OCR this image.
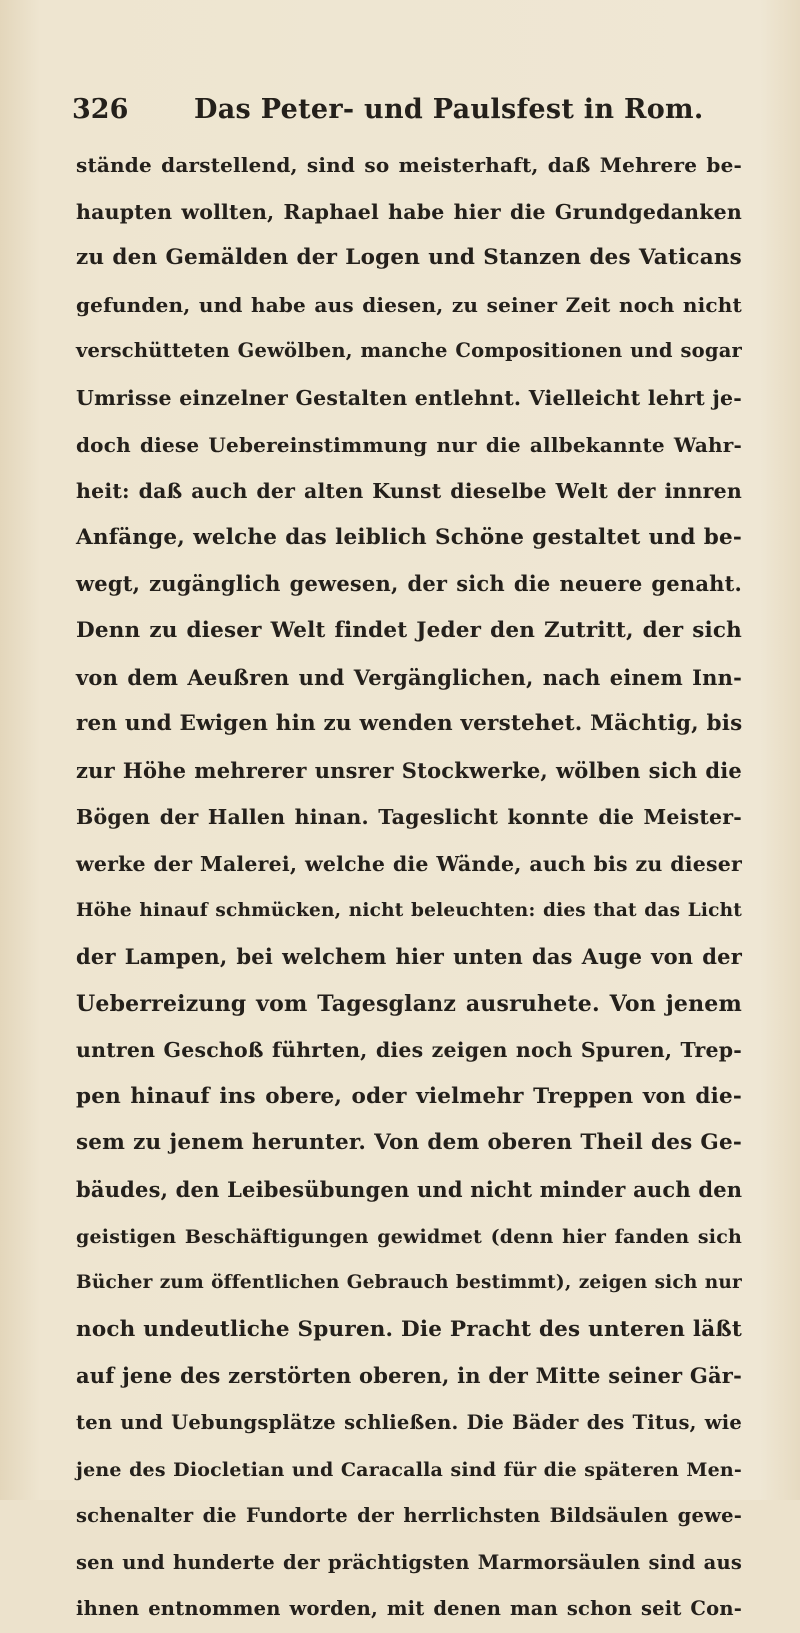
326 Das Peter- und Paulsfest in Rom.
stände darstellend, sind so meisterhaft, daß Mehrere be-
haupten wollten, Raphael habe hier die Grundgedanken
zu den Gemälden der Logen und Stanzen des Vaticans
gefunden, und habe aus diesen, zu seiner Zeit noch nicht
verschütteten Gewölben, manche Compositionen und sogar
Umrisse einzelner Gestalten entlehnt. Vielleicht lehrt je-
doch diese Uebereinstimmung nur die allbekannte Wahr-
heit: daß auch der alten Kunst dieselbe Welt der innren
Anfänge, welche das leiblich Schöne gestaltet und be-
wegt, zugänglich gewesen, der sich die neuere genaht.
Denn zu dieser Welt findet Jeder den Zutritt, der sich
von dem Aeußren und Vergänglichen, nach einem Inn-
ren und Ewigen hin zu wenden verstehet. Mächtig, bis
zur Höhe mehrerer unsrer Stockwerke, wölben sich die
Bögen der Hallen hinan. Tageslicht konnte die Meister-
werke der Malerei, welche die Wände, auch bis zu dieser
Höhe hinauf schmücken, nicht beleuchten: dies that das Licht
der Lampen, bei welchem hier unten das Auge von der
Ueberreizung vom Tagesglanz ausruhete. Von jenem
untren Geschoß führten, dies zeigen noch Spuren, Trep-
pen hinauf ins obere, oder vielmehr Treppen von die-
sem zu jenem herunter. Von dem oberen Theil des Ge-
bäudes, den Leibesübungen und nicht minder auch den
geistigen Beschäftigungen gewidmet (denn hier fanden sich
Bücher zum öffentlichen Gebrauch bestimmt), zeigen sich nur
noch undeutliche Spuren. Die Pracht des unteren läßt
auf jene des zerstörten oberen, in der Mitte seiner Gär-
ten und Uebungsplätze schließen. Die Bäder des Titus, wie
jene des Diocletian und Caracalla sind für die späteren Men-
schenalter die Fundorte der herrlichsten Bildsäulen gewe-
sen und hunderte der prächtigsten Marmorsäulen sind aus
ihnen entnommen worden, mit denen man schon seit Con-
